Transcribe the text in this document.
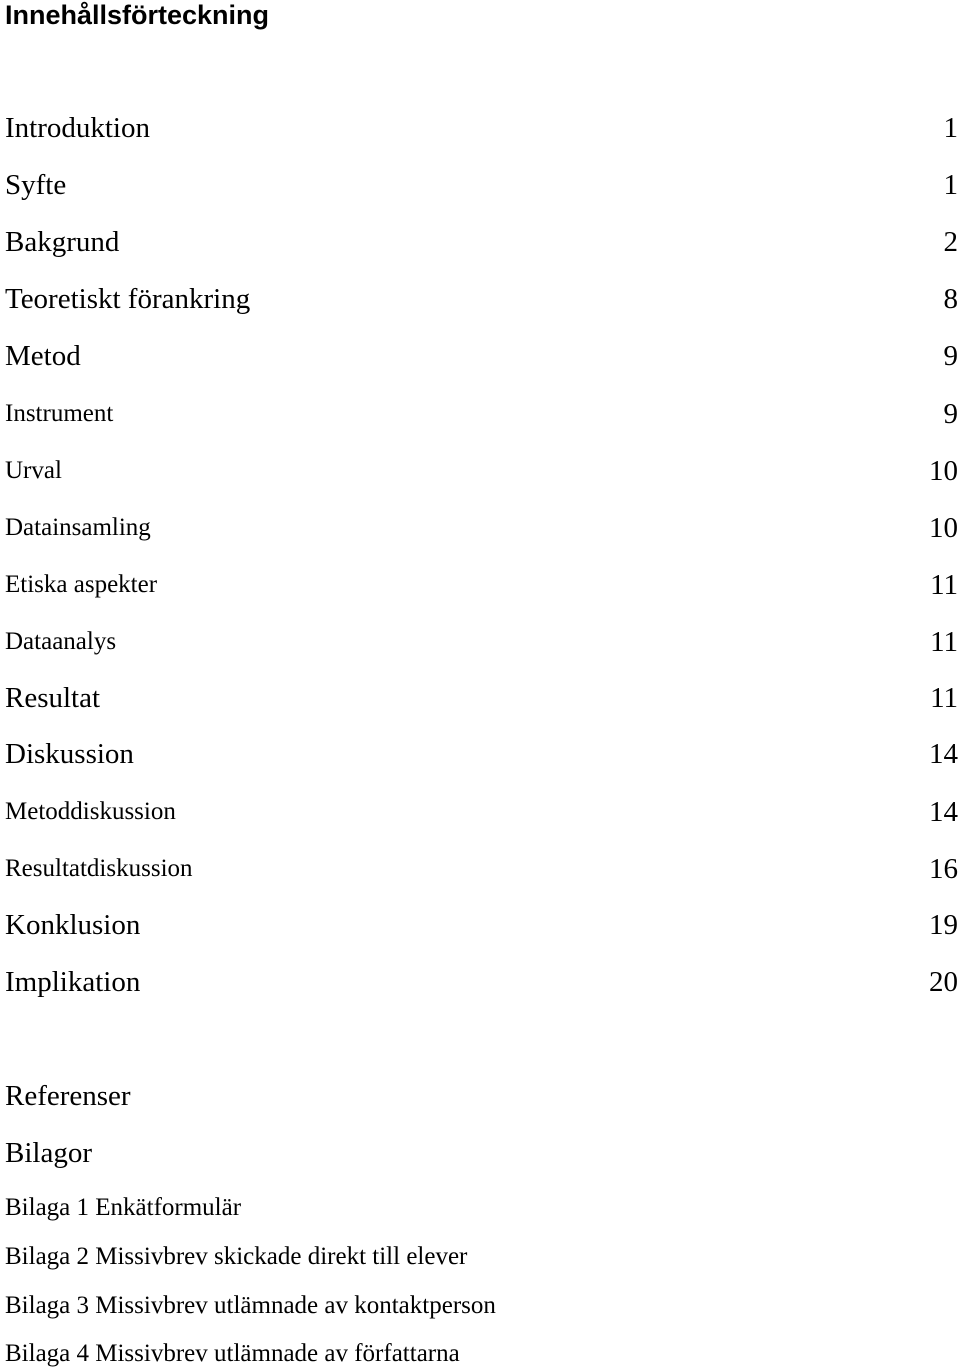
Innehållsförteckning
Introduktion	1
Syfte	1
Bakgrund	2
Teoretiskt förankring	8
Metod	9
Instrument	9
Urval	10
Datainsamling	10
Etiska aspekter	11
Dataanalys	11
Resultat	11
Diskussion	14
Metoddiskussion	14
Resultatdiskussion	16
Konklusion	19
Implikation	20
Referenser
Bilagor
Bilaga 1 Enkätformulär
Bilaga 2 Missivbrev skickade direkt till elever
Bilaga 3 Missivbrev utlämnade av kontaktperson
Bilaga 4 Missivbrev utlämnade av författarna
